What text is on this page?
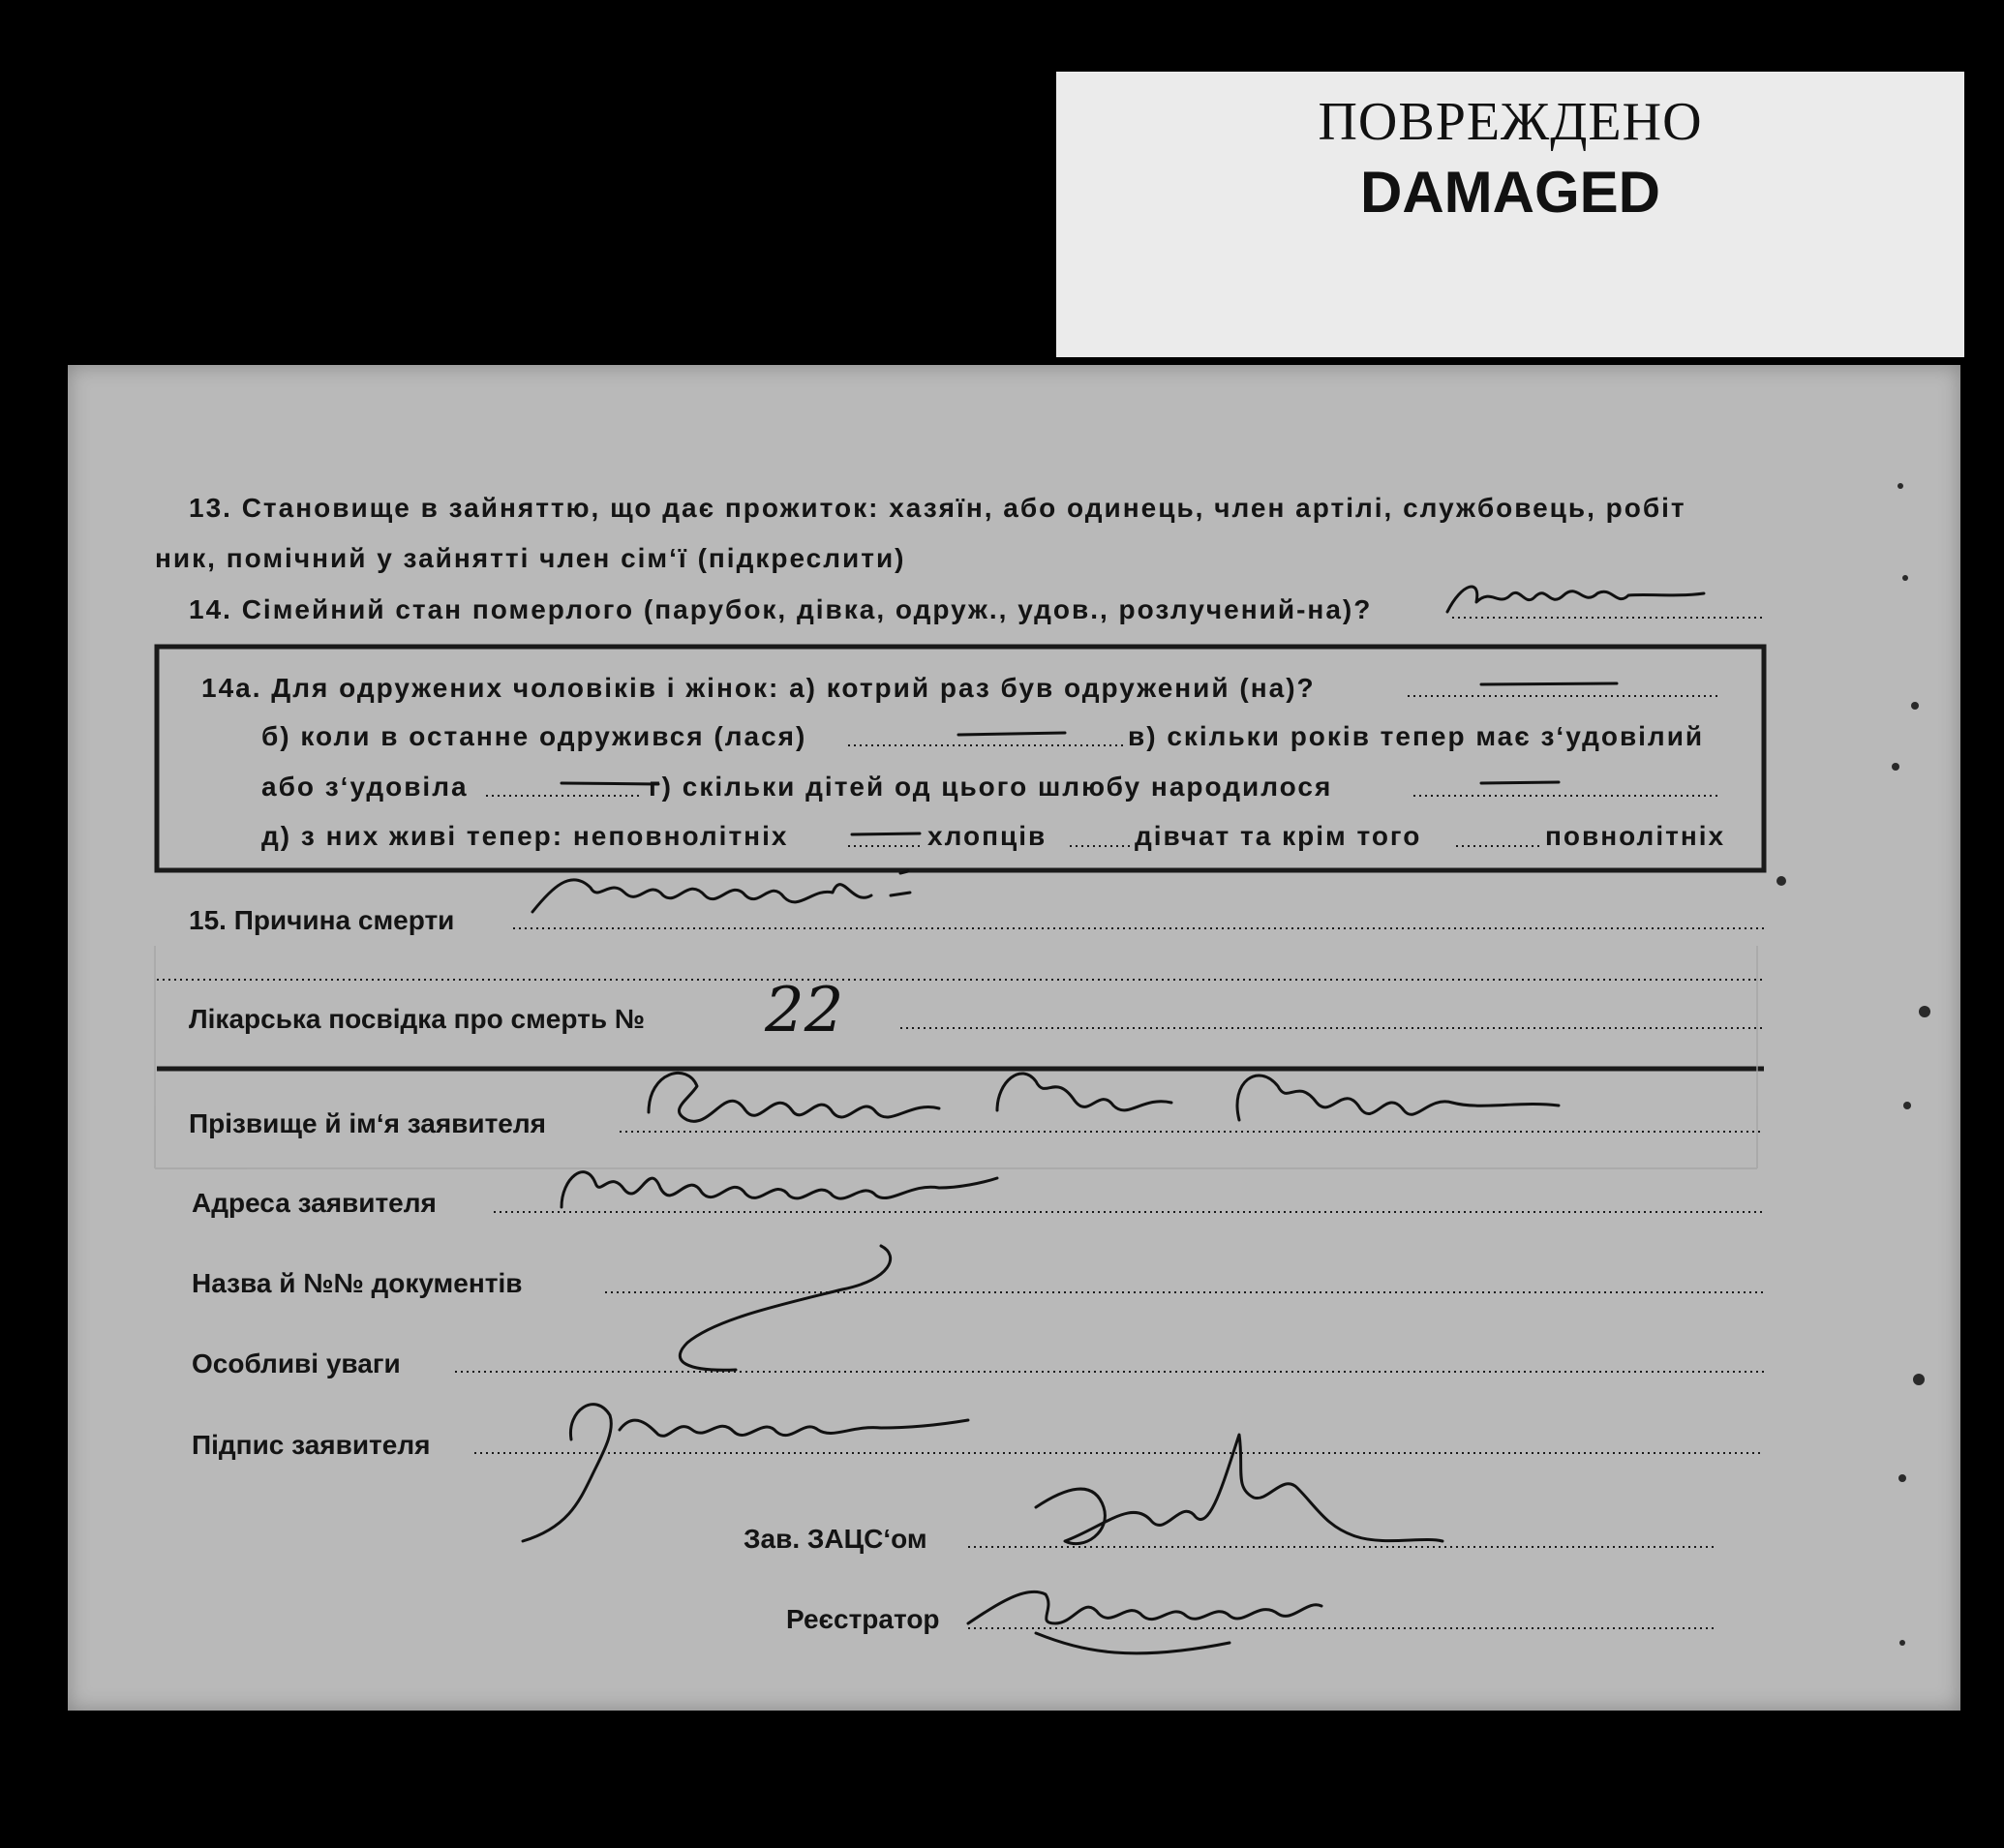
ПОВРЕЖДЕНО
DAMAGED
13. Становище в зайняттю, що дає прожиток: хазяїн, або одинець, член артілі, службовець, робіт
ник, помічний у зайнятті член сім‘ї (підкреслити)
14. Сімейний стан померлого (парубок, дівка, одруж., удов., розлучений-на)?
14а. Для одружених чоловіків і жінок: а) котрий раз був одружений (на)?
б) коли в останне одружився (лася)	в) скільки років тепер має з‘удовілий
або з‘удовіла	г) скільки дітей од цього шлюбу народилося
д) з них живі тепер: неповнолітніх	хлопців	дівчат та крім того	повнолітніх
15. Причина смерти
Лікарська посвідка про смерть №
Прізвище й ім‘я заявителя
Адреса заявителя
Назва й №№ документів
Особливі уваги
Підпис заявителя
Зав. ЗАЦС‘ом
Реєстратор
22
